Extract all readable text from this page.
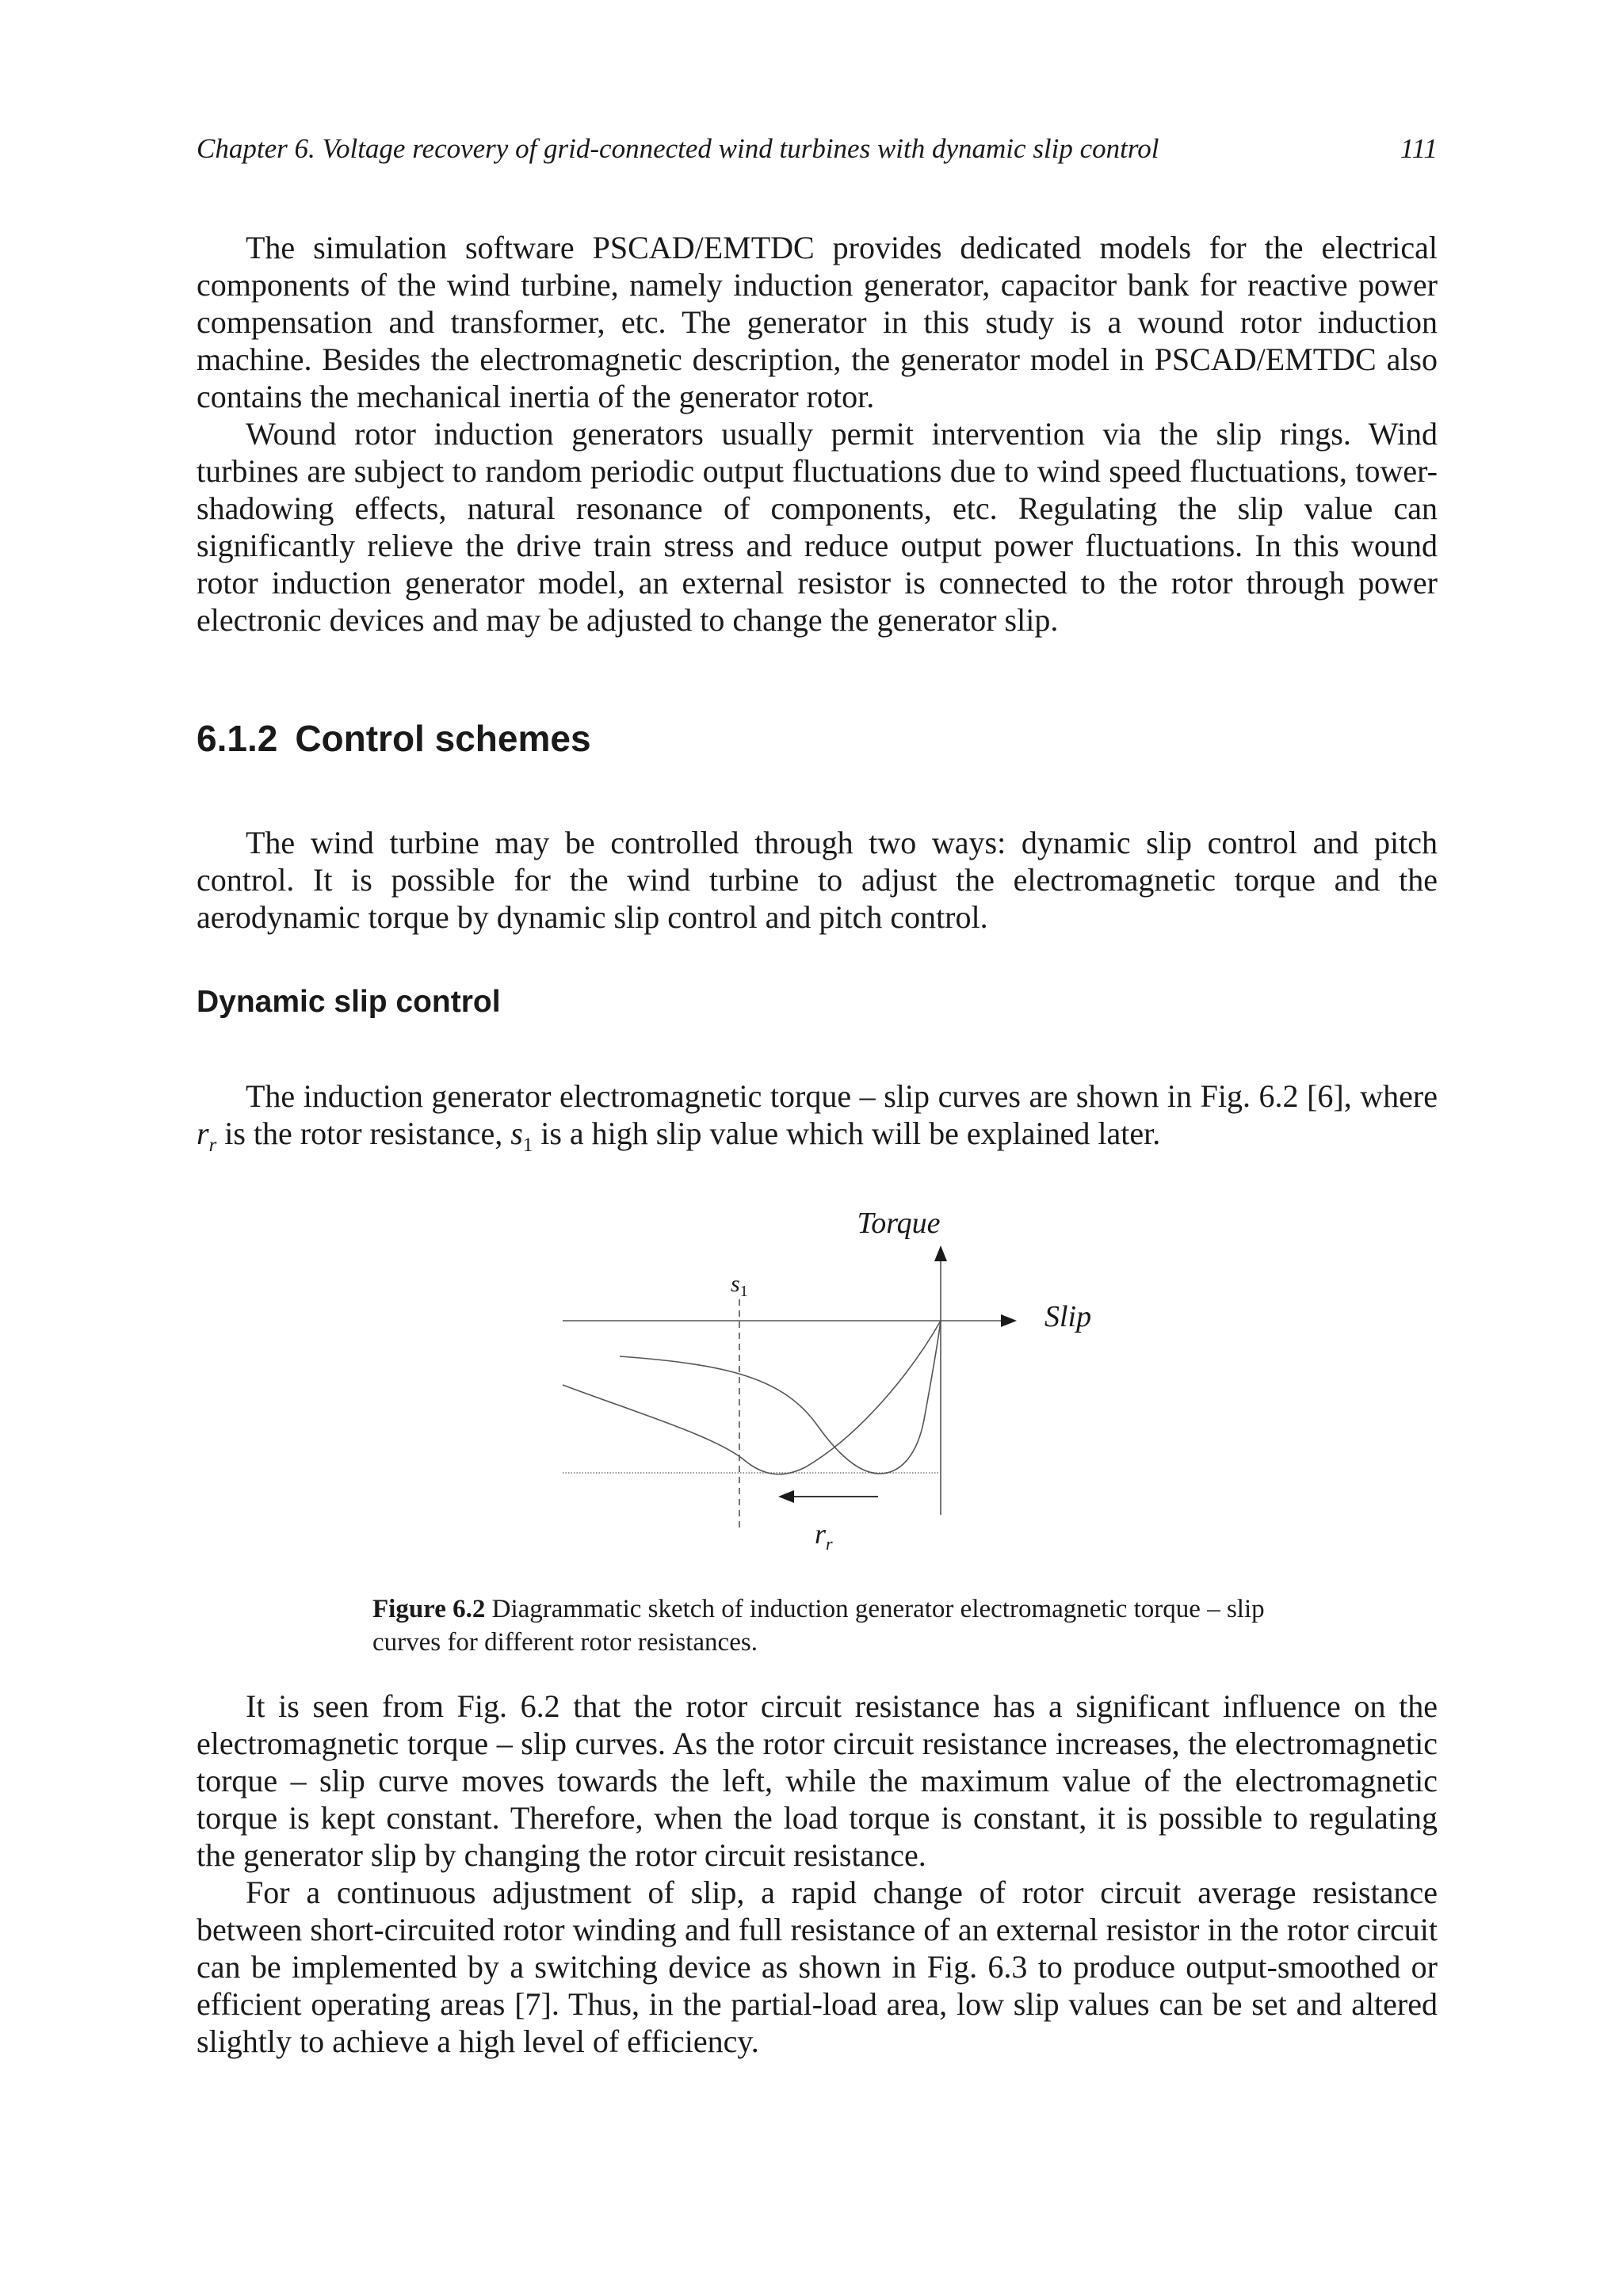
Chapter 6. Voltage recovery of grid-connected wind turbines with dynamic slip control	111

The simulation software PSCAD/EMTDC provides dedicated models for the electrical components of the wind turbine, namely induction generator, capacitor bank for reactive power compensation and transformer, etc. The generator in this study is a wound rotor induction machine. Besides the electromagnetic description, the generator model in PSCAD/EMTDC also contains the mechanical inertia of the generator rotor.

Wound rotor induction generators usually permit intervention via the slip rings. Wind turbines are subject to random periodic output fluctuations due to wind speed fluctuations, tower-shadowing effects, natural resonance of components, etc. Regulating the slip value can significantly relieve the drive train stress and reduce output power fluctuations. In this wound rotor induction generator model, an external resistor is connected to the rotor through power electronic devices and may be adjusted to change the generator slip.

6.1.2 Control schemes

The wind turbine may be controlled through two ways: dynamic slip control and pitch control. It is possible for the wind turbine to adjust the electromagnetic torque and the aerodynamic torque by dynamic slip control and pitch control.

Dynamic slip control

The induction generator electromagnetic torque – slip curves are shown in Fig. 6.2 [6], where $r_r$ is the rotor resistance, $s_1$ is a high slip value which will be explained later.

Torque
Slip
$s_1$
$r_r$
Figure 6.2 Diagrammatic sketch of induction generator electromagnetic torque – slip curves for different rotor resistances.

It is seen from Fig. 6.2 that the rotor circuit resistance has a significant influence on the electromagnetic torque – slip curves. As the rotor circuit resistance increases, the electromagnetic torque – slip curve moves towards the left, while the maximum value of the electromagnetic torque is kept constant. Therefore, when the load torque is constant, it is possible to regulating the generator slip by changing the rotor circuit resistance.

For a continuous adjustment of slip, a rapid change of rotor circuit average resistance between short-circuited rotor winding and full resistance of an external resistor in the rotor circuit can be implemented by a switching device as shown in Fig. 6.3 to produce output-smoothed or efficient operating areas [7]. Thus, in the partial-load area, low slip values can be set and altered slightly to achieve a high level of efficiency.
